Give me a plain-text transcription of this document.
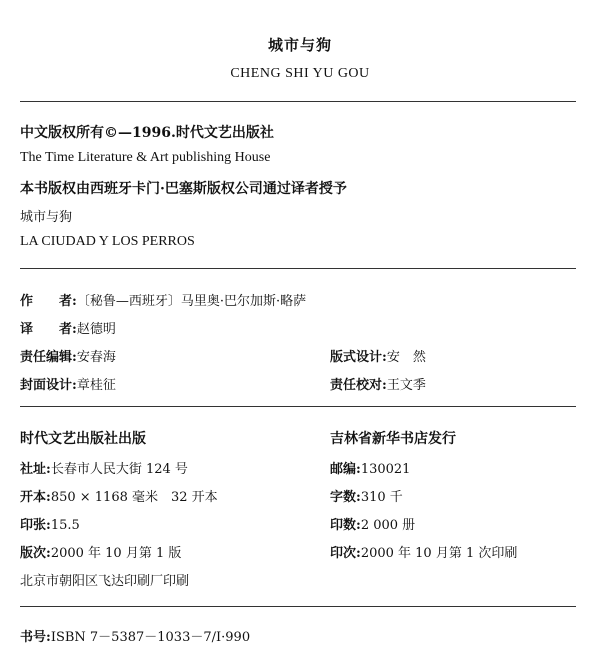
城市与狗
CHENG SHI YU GOU
中文版权所有©—1996.时代文艺出版社
The Time Literature & Art publishing House
本书版权由西班牙卡门·巴塞斯版权公司通过译者授予
城市与狗
LA CIUDAD Y LOS PERROS
作　　者:〔秘鲁—西班牙〕马里奥·巴尔加斯·略萨
译　　者:赵德明
责任编辑:安春海	版式设计:安　然
封面设计:章桂征	责任校对:王文季
时代文艺出版社出版	吉林省新华书店发行
社址:长春市人民大街 124 号	邮编:130021
开本:850 × 1168 毫米　32 开本	字数:310 千
印张:15.5	印数:2 000 册
版次:2000 年 10 月第 1 版	印次:2000 年 10 月第 1 次印刷
北京市朝阳区飞达印刷厂印刷
书号:ISBN 7－5387－1033－7/I·990
